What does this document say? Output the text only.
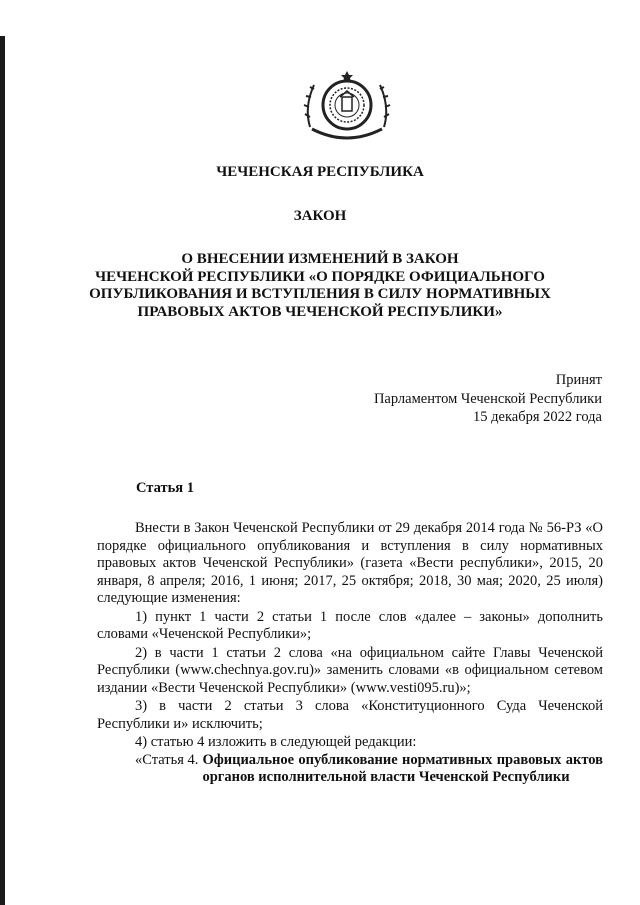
ЧЕЧЕНСКАЯ РЕСПУБЛИКА
ЗАКОН
О ВНЕСЕНИИ ИЗМЕНЕНИЙ В ЗАКОН
ЧЕЧЕНСКОЙ РЕСПУБЛИКИ «О ПОРЯДКЕ ОФИЦИАЛЬНОГО
ОПУБЛИКОВАНИЯ И ВСТУПЛЕНИЯ В СИЛУ НОРМАТИВНЫХ
ПРАВОВЫХ АКТОВ ЧЕЧЕНСКОЙ РЕСПУБЛИКИ»
Принят
Парламентом Чеченской Республики
15 декабря 2022 года
Статья 1

Внести в Закон Чеченской Республики от 29 декабря 2014 года № 56-РЗ «О порядке официального опубликования и вступления в силу нормативных правовых актов Чеченской Республики» (газета «Вести республики», 2015, 20 января, 8 апреля; 2016, 1 июня; 2017, 25 октября; 2018, 30 мая; 2020, 25 июля) следующие изменения:

1) пункт 1 части 2 статьи 1 после слов «далее – законы» дополнить словами «Чеченской Республики»;

2) в части 1 статьи 2 слова «на официальном сайте Главы Чеченской Республики (www.chechnya.gov.ru)» заменить словами «в официальном сетевом издании «Вести Чеченской Республики» (www.vesti095.ru)»;

3) в части 2 статьи 3 слова «Конституционного Суда Чеченской Республики и» исключить;

4) статью 4 изложить в следующей редакции:

«Статья 4. Официальное опубликование нормативных правовых актов органов исполнительной власти Чеченской Республики
